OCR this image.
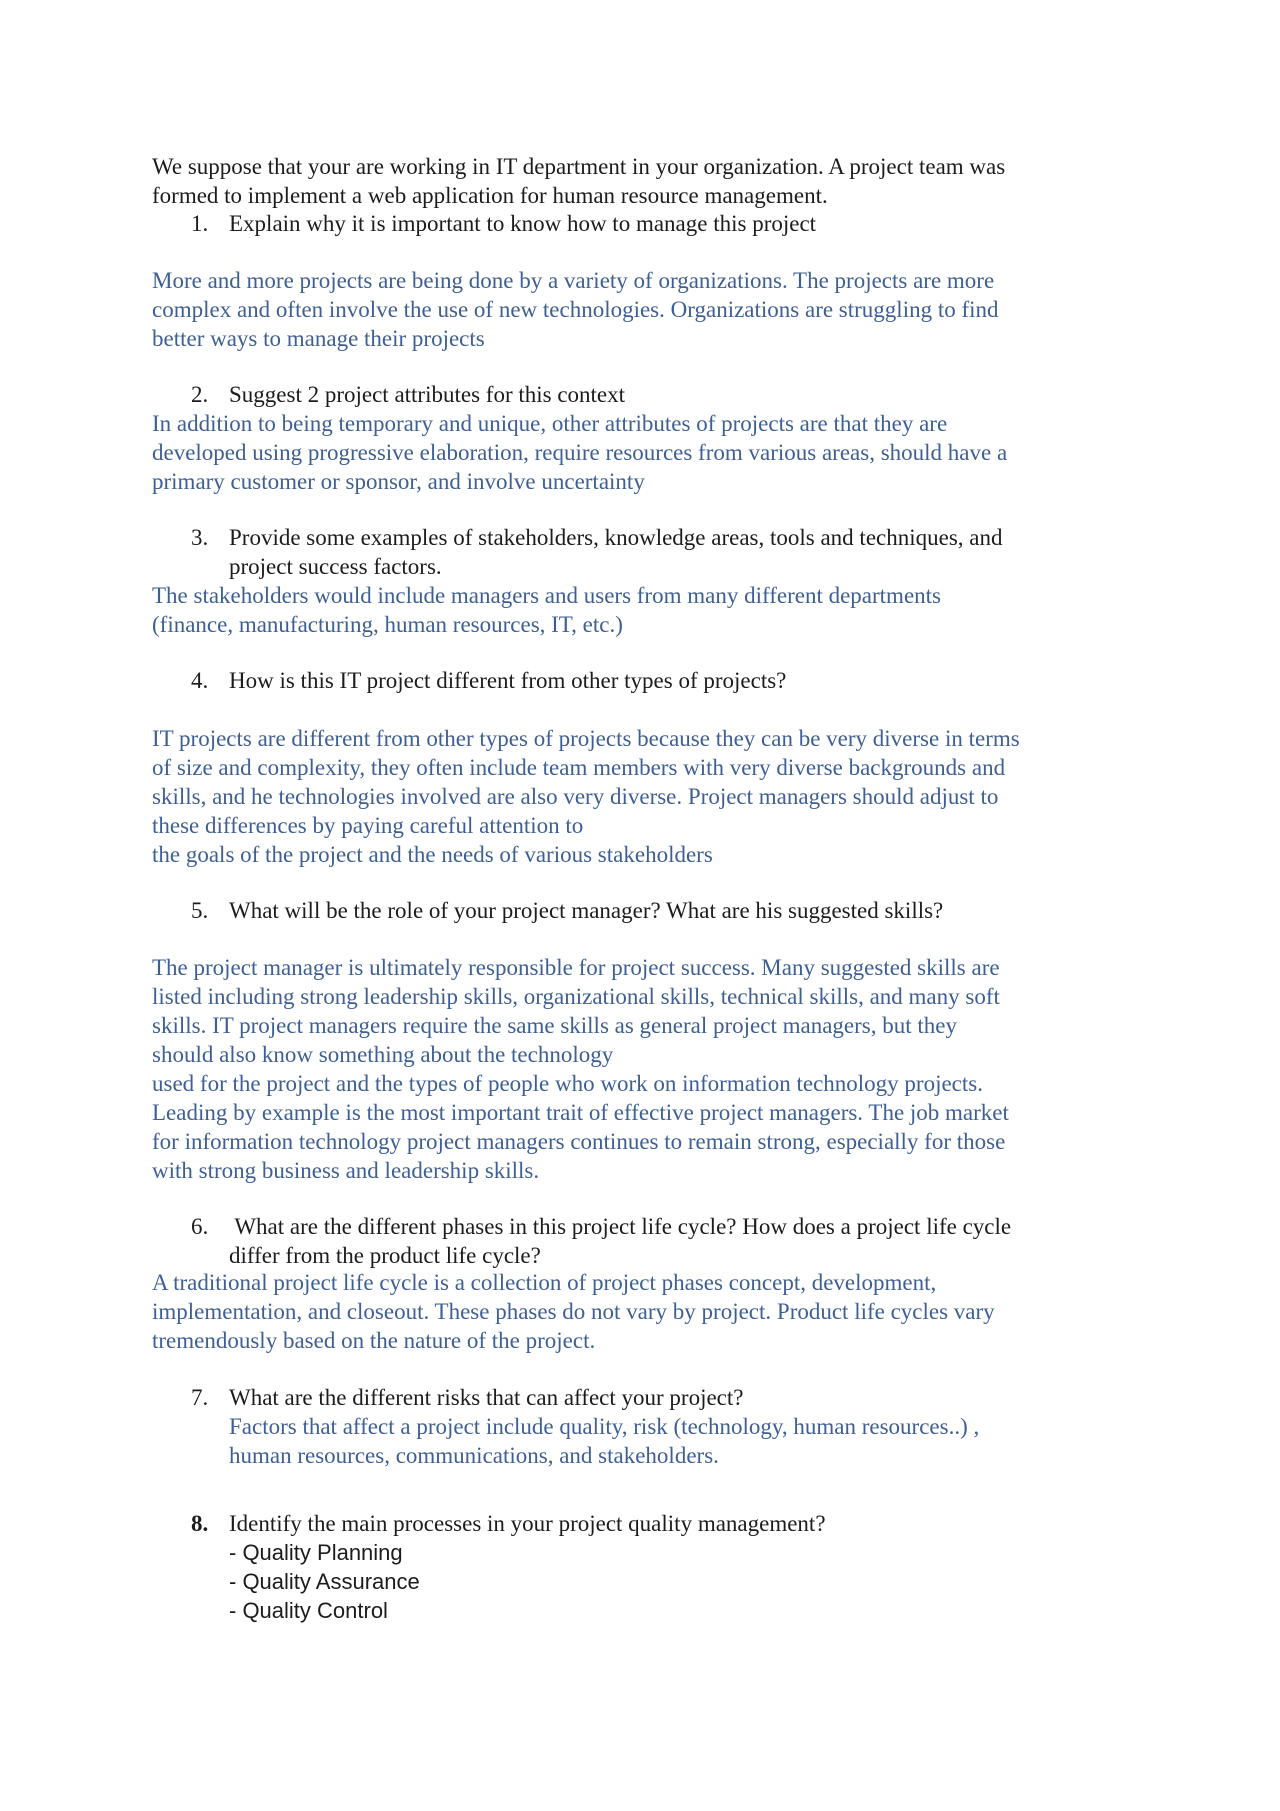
We suppose that your are working in IT department in your organization. A project team was
formed to implement a web application for human resource management.
1. Explain why it is important to know how to manage this project
More and more projects are being done by a variety of organizations. The projects are more
complex and often involve the use of new technologies. Organizations are struggling to find
better ways to manage their projects
2. Suggest 2 project attributes for this context
In addition to being temporary and unique, other attributes of projects are that they are
developed using progressive elaboration, require resources from various areas, should have a
primary customer or sponsor, and involve uncertainty
3. Provide some examples of stakeholders, knowledge areas, tools and techniques, and
project success factors.
The stakeholders would include managers and users from many different departments
(finance, manufacturing, human resources, IT, etc.)
4. How is this IT project different from other types of projects?
IT projects are different from other types of projects because they can be very diverse in terms
of size and complexity, they often include team members with very diverse backgrounds and
skills, and he technologies involved are also very diverse. Project managers should adjust to
these differences by paying careful attention to
the goals of the project and the needs of various stakeholders
5. What will be the role of your project manager? What are his suggested skills?
The project manager is ultimately responsible for project success. Many suggested skills are
listed including strong leadership skills, organizational skills, technical skills, and many soft
skills. IT project managers require the same skills as general project managers, but they
should also know something about the technology
used for the project and the types of people who work on information technology projects.
Leading by example is the most important trait of effective project managers. The job market
for information technology project managers continues to remain strong, especially for those
with strong business and leadership skills.
6. What are the different phases in this project life cycle? How does a project life cycle
differ from the product life cycle?
A traditional project life cycle is a collection of project phases concept, development,
implementation, and closeout. These phases do not vary by project. Product life cycles vary
tremendously based on the nature of the project.
7. What are the different risks that can affect your project?
Factors that affect a project include quality, risk (technology, human resources..) ,
human resources, communications, and stakeholders.
8. Identify the main processes in your project quality management?
- Quality Planning
- Quality Assurance
- Quality Control
